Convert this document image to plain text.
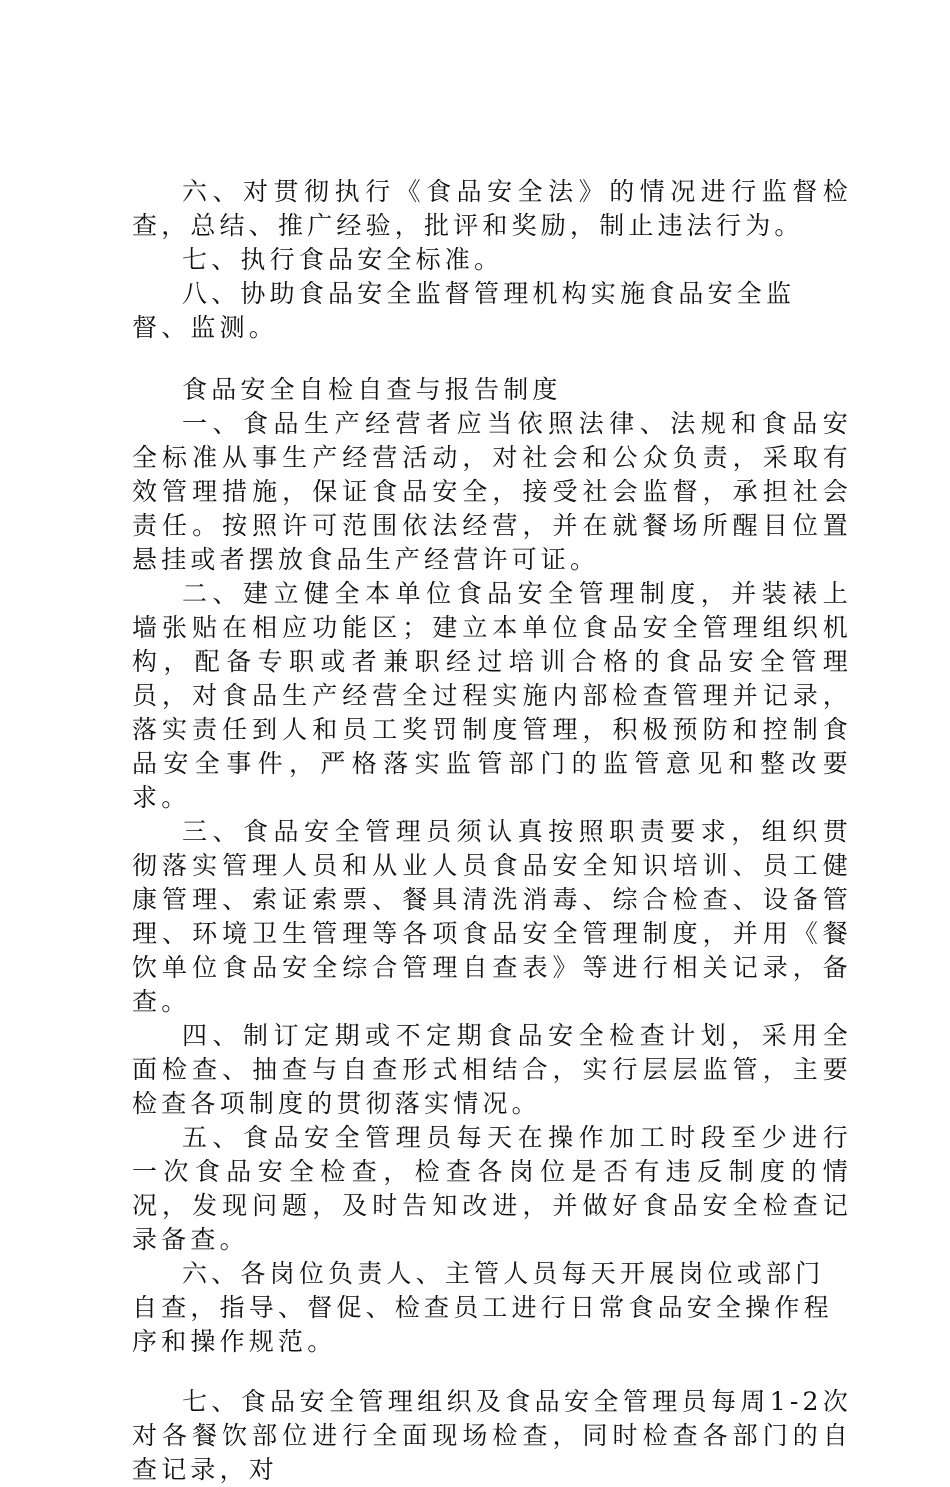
六、对贯彻执行《食品安全法》的情况进行监督检查，总结、推广经验，批评和奖励，制止违法行为。

七、执行食品安全标准。

八、协助食品安全监督管理机构实施食品安全监督、监测。

食品安全自检自查与报告制度

一、食品生产经营者应当依照法律、法规和食品安全标准从事生产经营活动，对社会和公众负责，采取有效管理措施，保证食品安全，接受社会监督，承担社会责任。按照许可范围依法经营，并在就餐场所醒目位置悬挂或者摆放食品生产经营许可证。

二、建立健全本单位食品安全管理制度，并装裱上墙张贴在相应功能区；建立本单位食品安全管理组织机构，配备专职或者兼职经过培训合格的食品安全管理员，对食品生产经营全过程实施内部检查管理并记录，落实责任到人和员工奖罚制度管理，积极预防和控制食品安全事件，严格落实监管部门的监管意见和整改要求。

三、食品安全管理员须认真按照职责要求，组织贯彻落实管理人员和从业人员食品安全知识培训、员工健康管理、索证索票、餐具清洗消毒、综合检查、设备管理、环境卫生管理等各项食品安全管理制度，并用《餐饮单位食品安全综合管理自查表》等进行相关记录，备查。

四、制订定期或不定期食品安全检查计划，采用全面检查、抽查与自查形式相结合，实行层层监管，主要检查各项制度的贯彻落实情况。

五、食品安全管理员每天在操作加工时段至少进行一次食品安全检查，检查各岗位是否有违反制度的情况，发现问题，及时告知改进，并做好食品安全检查记录备查。

六、各岗位负责人、主管人员每天开展岗位或部门自查，指导、督促、检查员工进行日常食品安全操作程序和操作规范。

七、食品安全管理组织及食品安全管理员每周1-2次对各餐饮部位进行全面现场检查，同时检查各部门的自查记录，对
